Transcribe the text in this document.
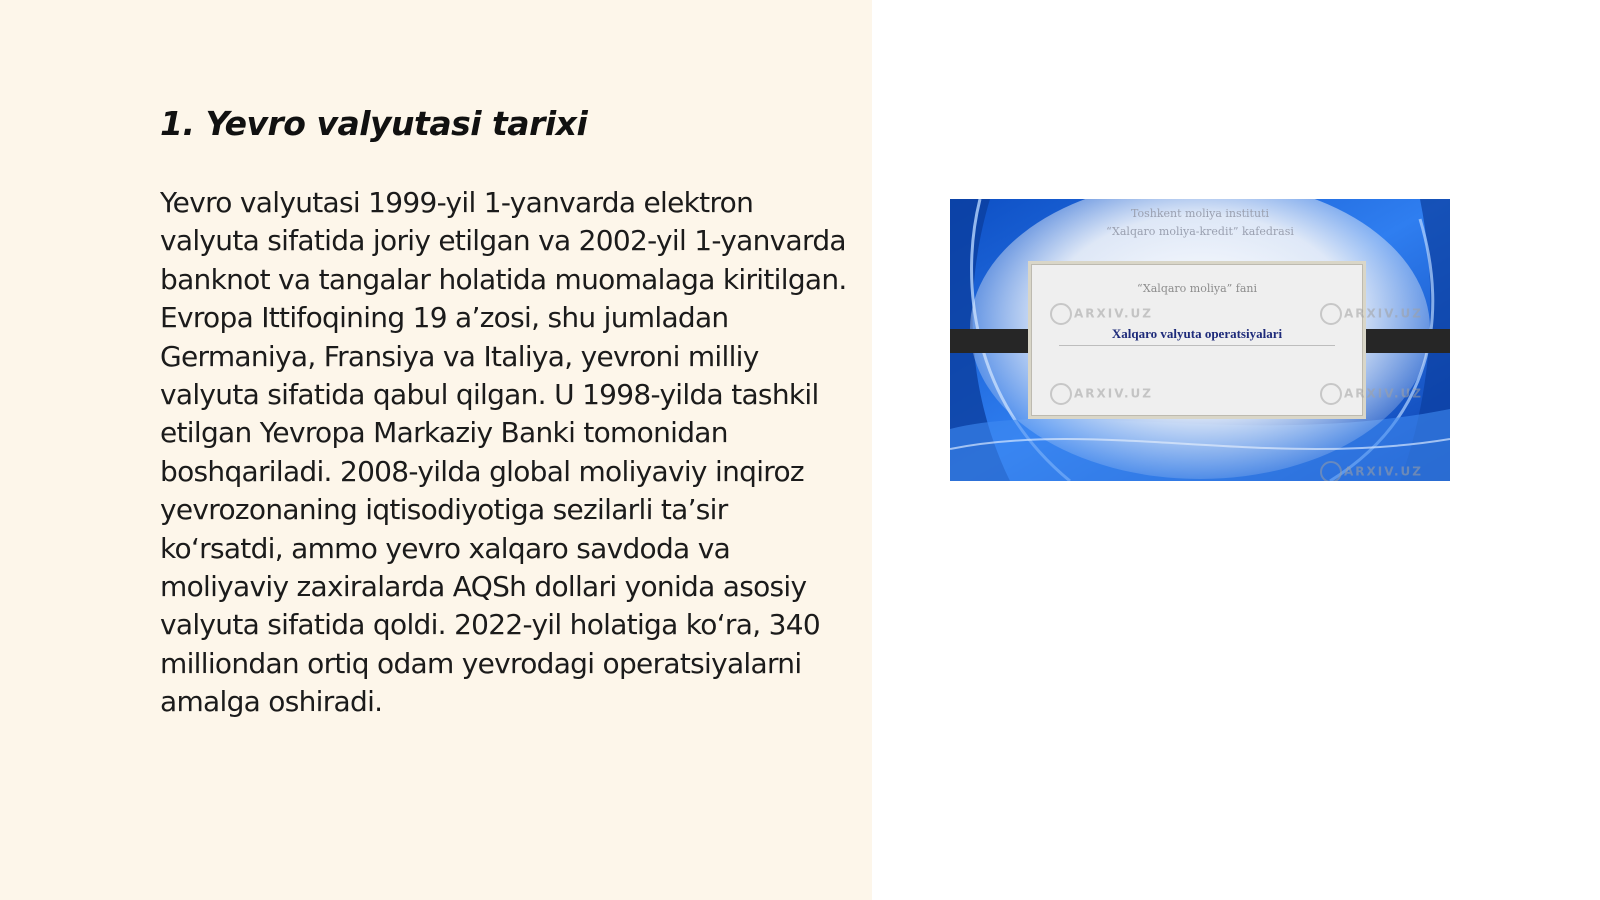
1. Yevro valyutasi tarixi

Yevro valyutasi 1999-yil 1-yanvarda elektron valyuta sifatida joriy etilgan va 2002-yil 1-yanvarda banknot va tangalar holatida muomalaga kiritilgan. Evropa Ittifoqining 19 a’zosi, shu jumladan Germaniya, Fransiya va Italiya, yevroni milliy valyuta sifatida qabul qilgan. U 1998-yilda tashkil etilgan Yevropa Markaziy Banki tomonidan boshqariladi. 2008-yilda global moliyaviy inqiroz yevrozonaning iqtisodiyotiga sezilarli ta’sir ko‘rsatdi, ammo yevro xalqaro savdoda va moliyaviy zaxiralarda AQSh dollari yonida asosiy valyuta sifatida qoldi. 2022-yil holatiga ko‘ra, 340 milliondan ortiq odam yevrodagi operatsiyalarni amalga oshiradi.

Toshkent moliya instituti
“Xalqaro moliya-kredit” kafedrasi
“Xalqaro moliya” fani
Xalqaro valyuta operatsiyalari
ARXIV.UZ	ARXIV.UZ
ARXIV.UZ	ARXIV.UZ
ARXIV.UZ
